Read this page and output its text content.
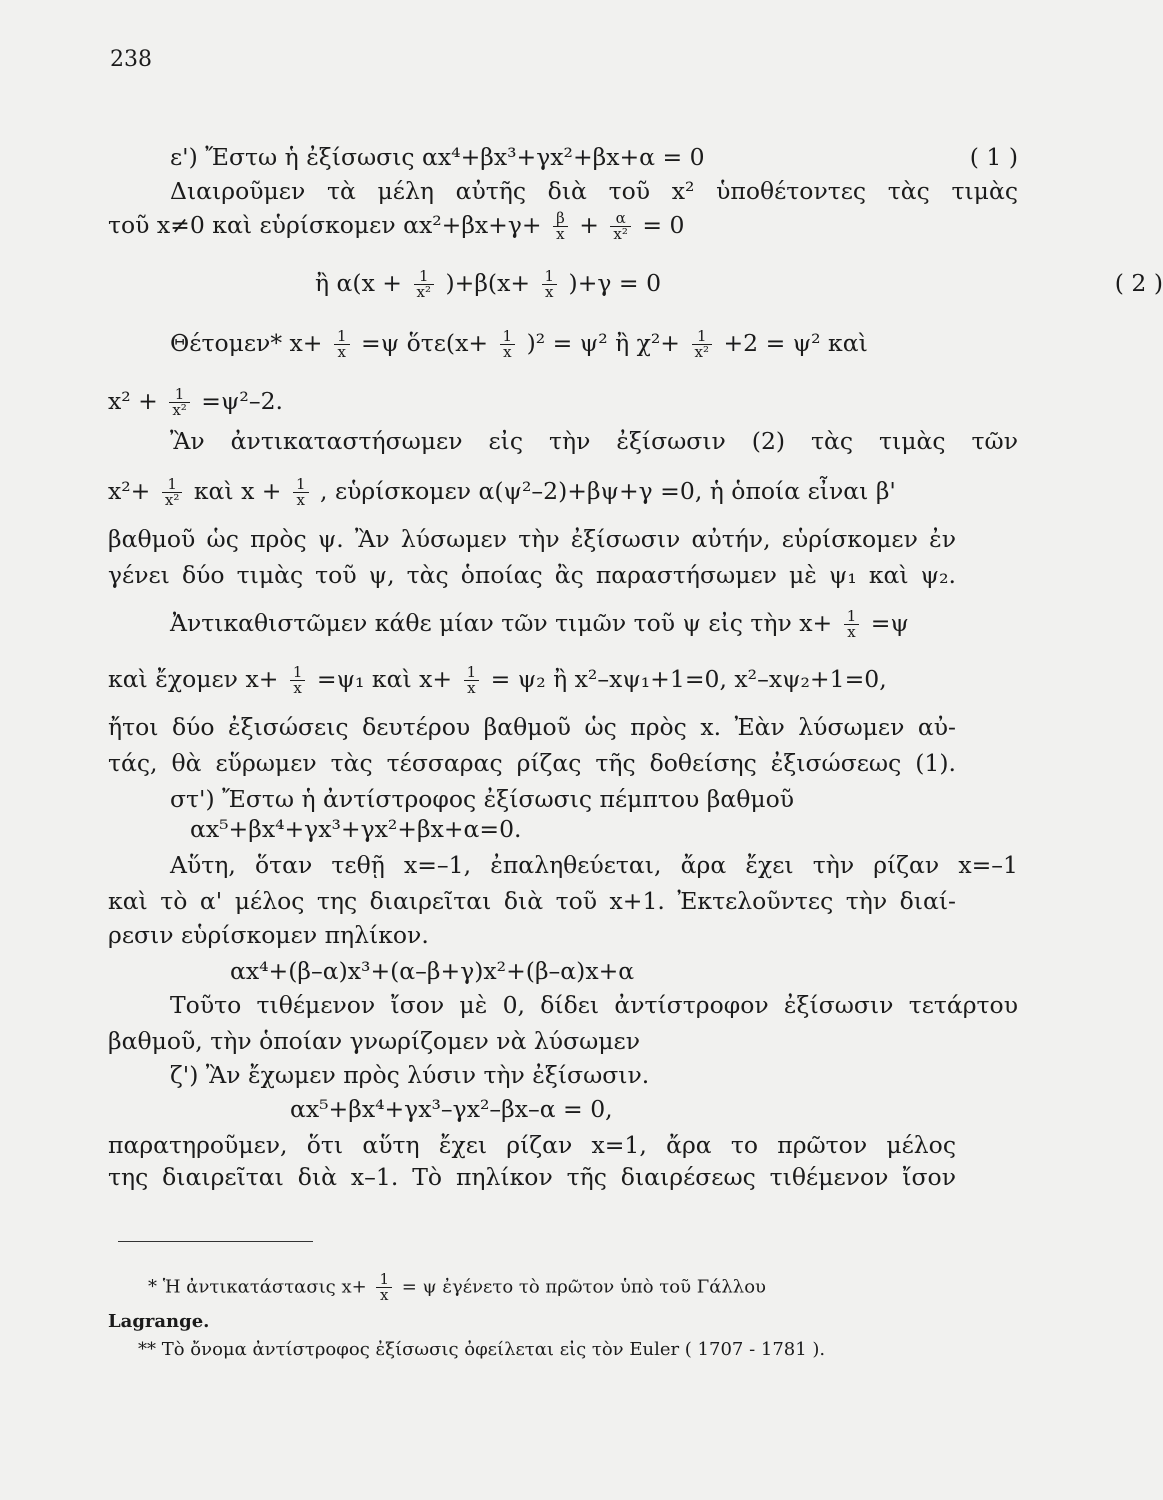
238
ε') Ἔστω ἡ ἐξίσωσις αx⁴+βx³+γx²+βx+α = 0	( 1 )
Διαιροῦμεν τὰ μέλη αὐτῆς διὰ τοῦ x² ὑποθέτοντες τὰς τιμὰς
τοῦ x≠0 καὶ εὑρίσκομεν $\alpha x^2+\beta x+\gamma+ \frac{\beta}{x} + \frac{\alpha}{\text{x²}} = 0$
ἢ $\alpha(x + \frac{1}{\text{x²}} )+\beta(x+ \frac{1}{x} )+\gamma = 0$	( 2 )
Θέτομεν* $x+ \frac{1}{x} =\psi$ ὅτε(x+ $\frac{1}{x} )^2 = \psi^2$ ἢ $\chi^2+ \frac{1}{\text{x²}} +2 = \psi^2$ καὶ
$x^2 + \frac{1}{\text{x²}} =\psi^2-2$.
Ἂν ἀντικαταστήσωμεν εἰς τὴν ἐξίσωσιν (2) τὰς τιμὰς τῶν
$x^2+ \frac{1}{\text{x²}}$ καὶ $x + \frac{1}{x}$ , εὑρίσκομεν α(ψ²–2)+βψ+γ =0, ἡ ὁποία εἶναι β'
βαθμοῦ ὡς πρὸς ψ. Ἂν λύσωμεν τὴν ἐξίσωσιν αὐτήν, εὑρίσκομεν ἐν
γένει δύο τιμὰς τοῦ ψ, τὰς ὁποίας ἂς παραστήσωμεν μὲ ψ₁ καὶ ψ₂.
Ἀντικαθιστῶμεν κάθε μίαν τῶν τιμῶν τοῦ ψ εἰς τὴν $x+ \frac{1}{x} =\psi$
καὶ ἔχομεν $x+ \frac{1}{x} =\psi_1$ καὶ $x+ \frac{1}{x} = \psi_2$ ἢ x²–xψ₁+1=0, x²–xψ₂+1=0,
ἤτοι δύο ἐξισώσεις δευτέρου βαθμοῦ ὡς πρὸς x. Ἐὰν λύσωμεν αὐ-
τάς, θὰ εὕρωμεν τὰς τέσσαρας ρίζας τῆς δοθείσης ἐξισώσεως (1).
στ') Ἔστω ἡ ἀντίστροφος ἐξίσωσις πέμπτου βαθμοῦ
αx⁵+βx⁴+γx³+γx²+βx+α=0.
Αὕτη, ὅταν τεθῇ x=–1, ἐπαληθεύεται, ἄρα ἔχει τὴν ρίζαν x=–1
καὶ τὸ α' μέλος της διαιρεῖται διὰ τοῦ x+1. Ἐκτελοῦντες τὴν διαί-
ρεσιν εὑρίσκομεν πηλίκον.
αx⁴+(β–α)x³+(α–β+γ)x²+(β–α)x+α
Τοῦτο τιθέμενον ἴσον μὲ 0, δίδει ἀντίστροφον ἐξίσωσιν τετάρτου
βαθμοῦ, τὴν ὁποίαν γνωρίζομεν νὰ λύσωμεν
ζ') Ἂν ἔχωμεν πρὸς λύσιν τὴν ἐξίσωσιν.
αx⁵+βx⁴+γx³–γx²–βx–α = 0,
παρατηροῦμεν, ὅτι αὕτη ἔχει ρίζαν x=1, ἄρα το πρῶτον μέλος
της διαιρεῖται διὰ x–1. Τὸ πηλίκον τῆς διαιρέσεως τιθέμενον ἴσον
* Ἡ ἀντικατάστασις $x+ \frac{1}{x} = \psi$ ἐγένετο τὸ πρῶτον ὑπὸ τοῦ Γάλλου
Lagrange.
** Τὸ ὄνομα ἀντίστροφος ἐξίσωσις ὀφείλεται εἰς τὸν Euler ( 1707 - 1781 ).
